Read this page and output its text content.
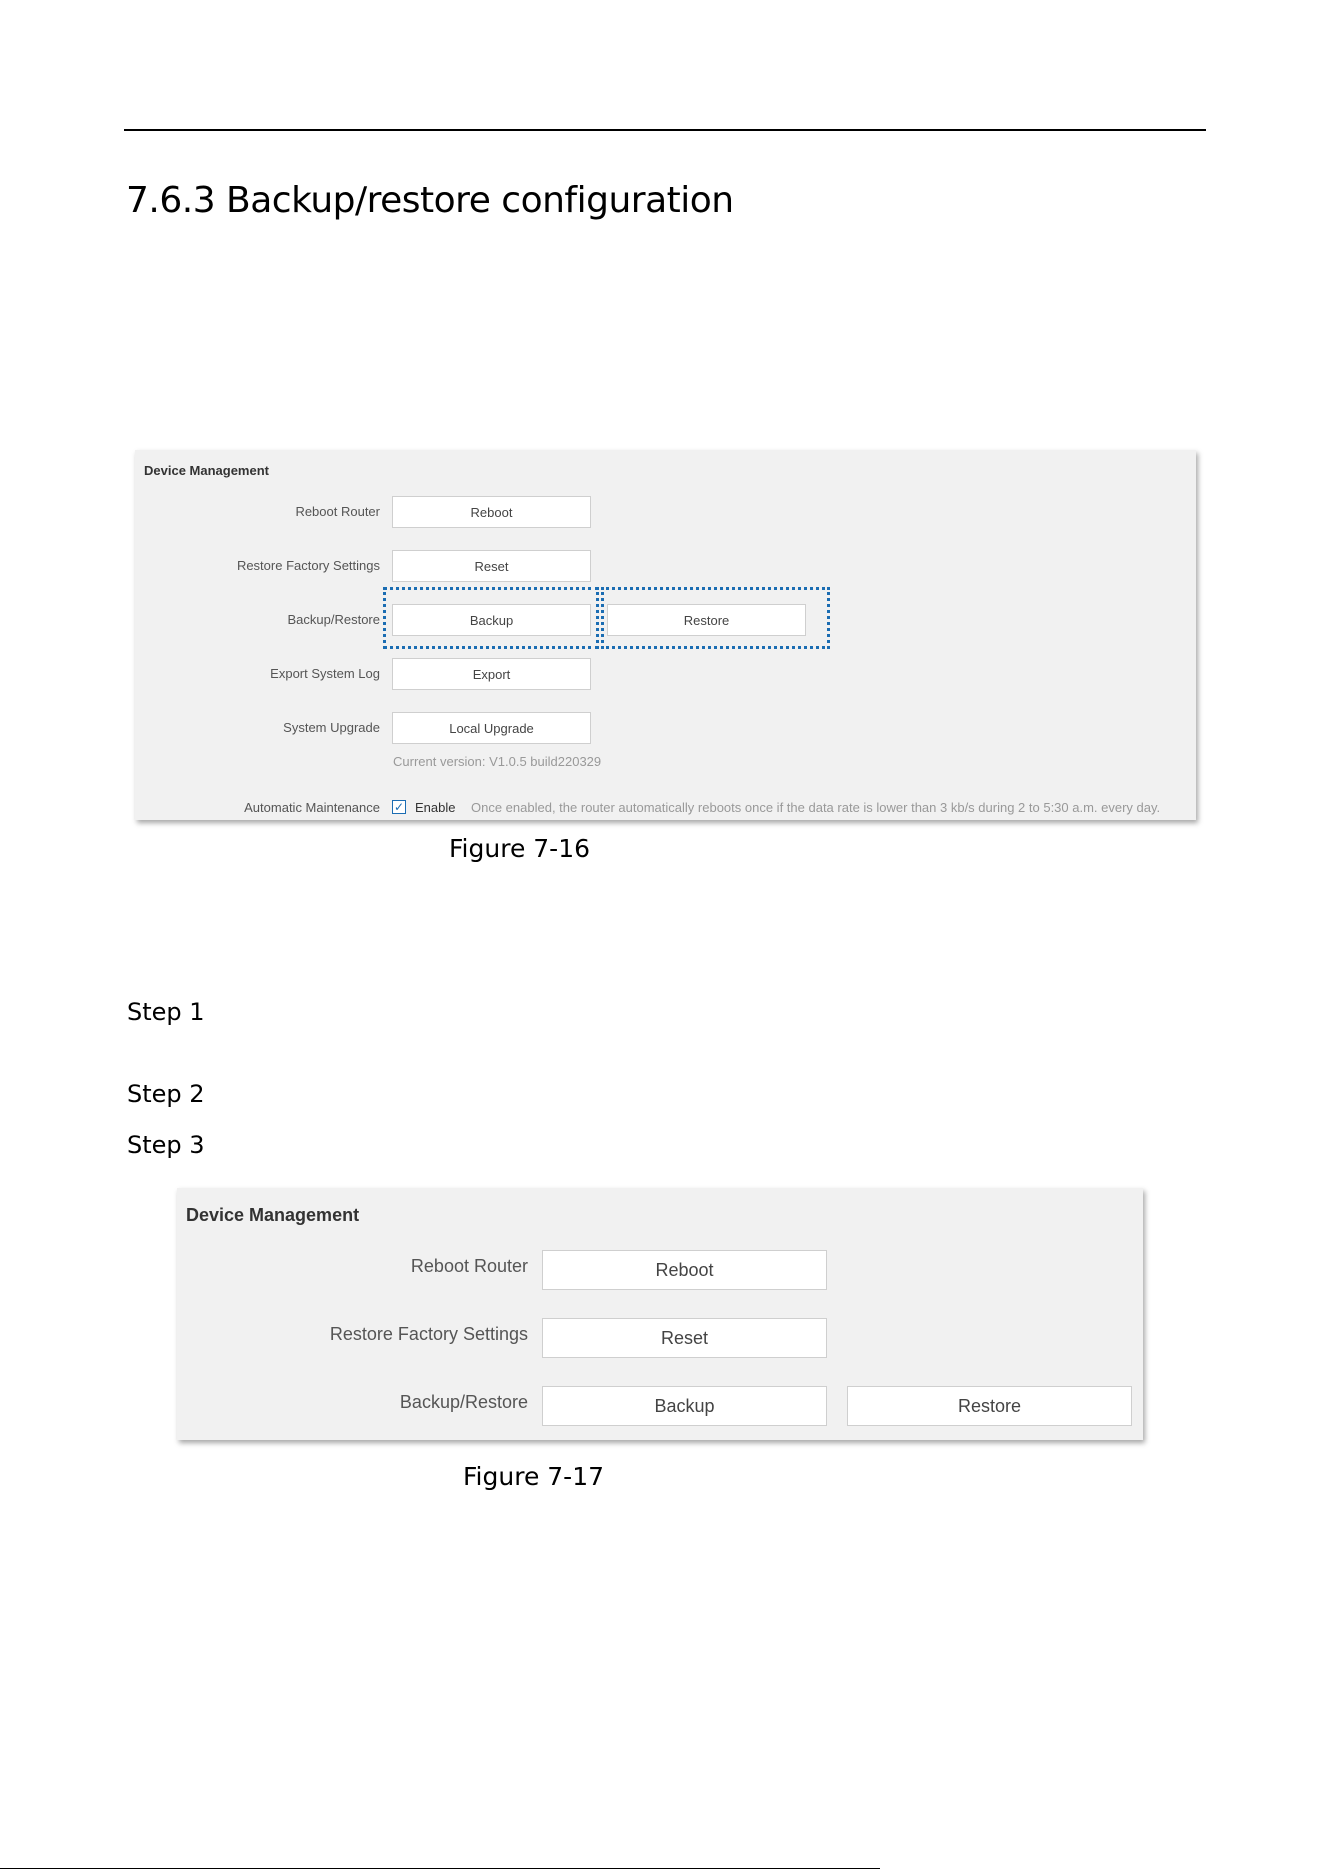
7.6.3 Backup/restore configuration
Device Management
Reboot Router	Reboot
Restore Factory Settings	Reset
Backup/Restore	Backup	Restore
Export System Log	Export
System Upgrade	Local Upgrade
Current version: V1.0.5 build220329
Automatic Maintenance ✓ Enable Once enabled, the router automatically reboots once if the data rate is lower than 3 kb/s during 2 to 5:30 a.m. every day.
Figure 7-16
Step 1
Step 2
Step 3
Device Management
Reboot Router	Reboot
Restore Factory Settings	Reset
Backup/Restore	Backup	Restore
Figure 7-17
